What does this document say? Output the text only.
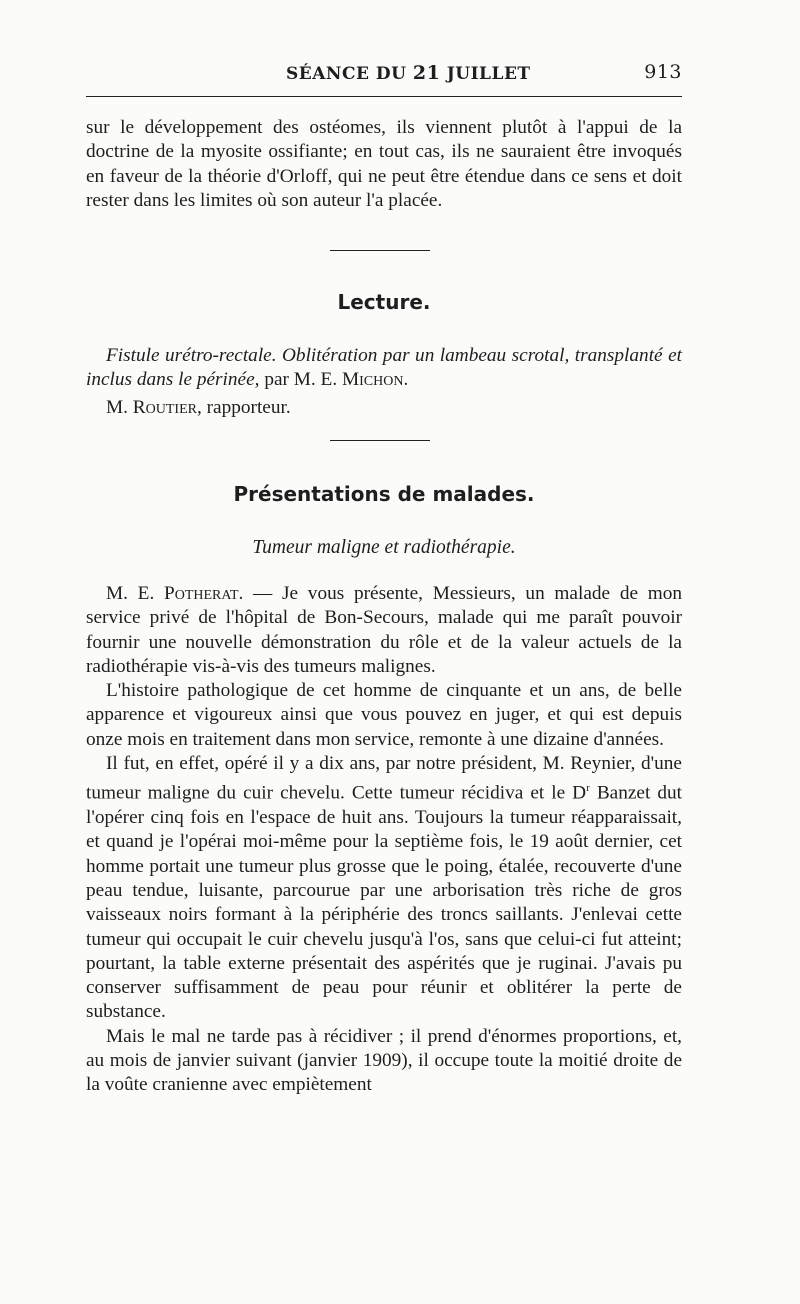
SÉANCE DU 21 JUILLET	913

sur le développement des ostéomes, ils viennent plutôt à l'appui de la doctrine de la myosite ossifiante; en tout cas, ils ne sauraient être invoqués en faveur de la théorie d'Orloff, qui ne peut être étendue dans ce sens et doit rester dans les limites où son auteur l'a placée.

Lecture.

Fistule urétro-rectale. Oblitération par un lambeau scrotal, transplanté et inclus dans le périnée, par M. E. Michon.

M. Routier, rapporteur.

Présentations de malades.
Tumeur maligne et radiothérapie.

M. E. Potherat. — Je vous présente, Messieurs, un malade de mon service privé de l'hôpital de Bon-Secours, malade qui me paraît pouvoir fournir une nouvelle démonstration du rôle et de la valeur actuels de la radiothérapie vis-à-vis des tumeurs malignes.

L'histoire pathologique de cet homme de cinquante et un ans, de belle apparence et vigoureux ainsi que vous pouvez en juger, et qui est depuis onze mois en traitement dans mon service, remonte à une dizaine d'années.

Il fut, en effet, opéré il y a dix ans, par notre président, M. Reynier, d'une tumeur maligne du cuir chevelu. Cette tumeur récidiva et le $D^r$ Banzet dut l'opérer cinq fois en l'espace de huit ans. Toujours la tumeur réapparaissait, et quand je l'opérai moi-même pour la septième fois, le 19 août dernier, cet homme portait une tumeur plus grosse que le poing, étalée, recouverte d'une peau tendue, luisante, parcourue par une arborisation très riche de gros vaisseaux noirs formant à la périphérie des troncs saillants. J'enlevai cette tumeur qui occupait le cuir chevelu jusqu'à l'os, sans que celui-ci fut atteint; pourtant, la table externe présentait des aspérités que je ruginai. J'avais pu conserver suffisamment de peau pour réunir et oblitérer la perte de substance.

Mais le mal ne tarde pas à récidiver ; il prend d'énormes proportions, et, au mois de janvier suivant (janvier 1909), il occupe toute la moitié droite de la voûte cranienne avec empiètement
